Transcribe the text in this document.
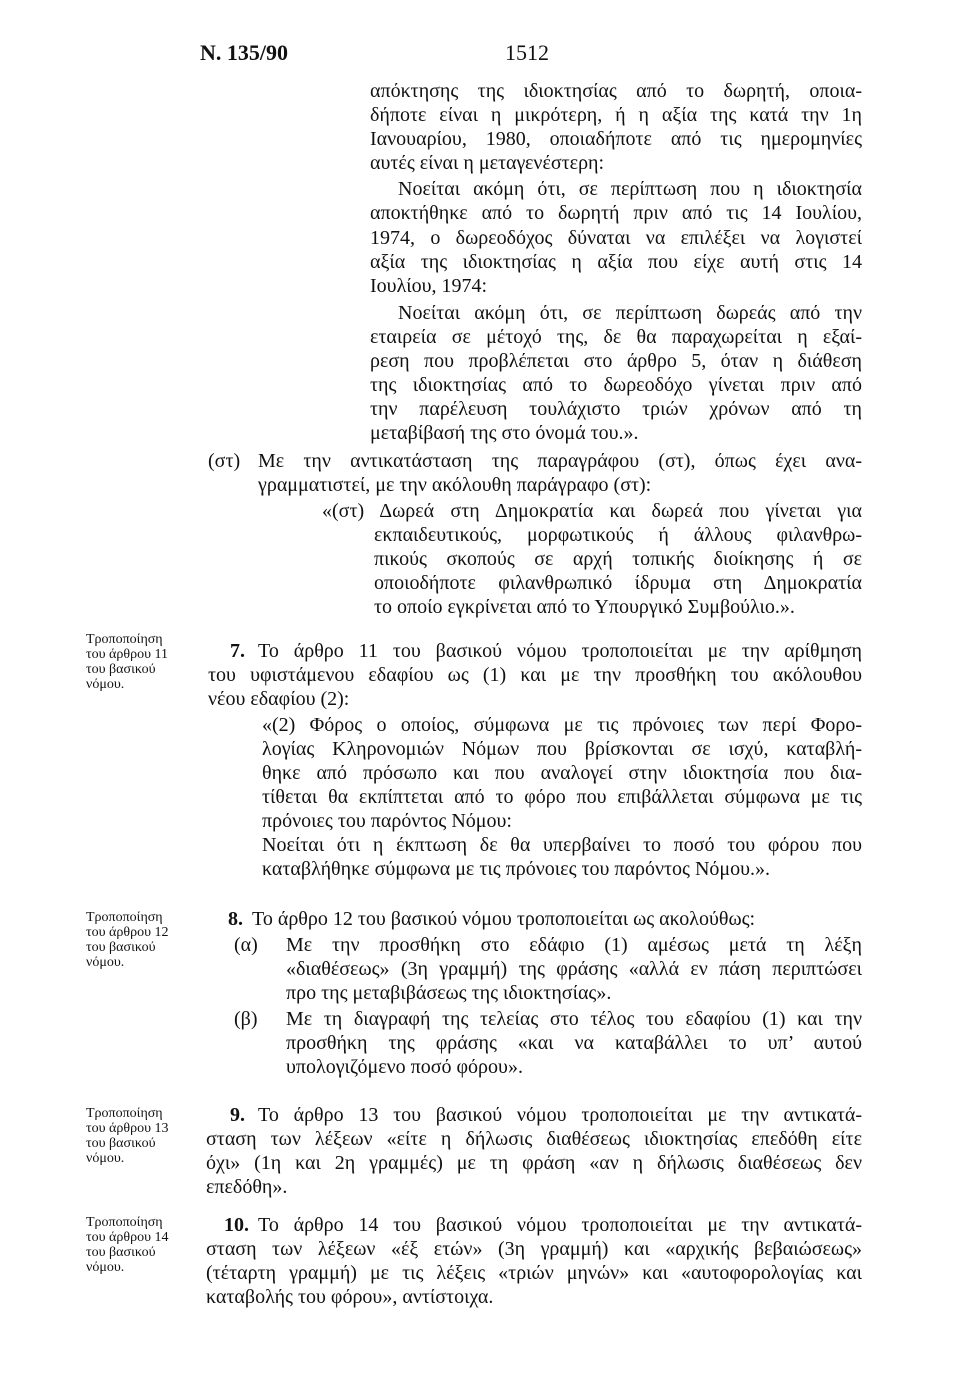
Ν. 135/90	1512
απόκτησης της ιδιοκτησίας από το δωρητή, οποια-
δήποτε είναι η μικρότερη, ή η αξία της κατά την 1η
Ιανουαρίου, 1980, οποιαδήποτε από τις ημερομηνίες
αυτές είναι η μεταγενέστερη:
Νοείται ακόμη ότι, σε περίπτωση που η ιδιοκτησία
αποκτήθηκε από το δωρητή πριν από τις 14 Ιουλίου,
1974, ο δωρεοδόχος δύναται να επιλέξει να λογιστεί
αξία της ιδιοκτησίας η αξία που είχε αυτή στις 14
Ιουλίου, 1974:
Νοείται ακόμη ότι, σε περίπτωση δωρεάς από την
εταιρεία σε μέτοχό της, δε θα παραχωρείται η εξαί-
ρεση που προβλέπεται στο άρθρο 5, όταν η διάθεση
της ιδιοκτησίας από το δωρεοδόχο γίνεται πριν από
την παρέλευση τουλάχιστο τριών χρόνων από τη
μεταβίβασή της στο όνομά του.».
(στ) Με την αντικατάσταση της παραγράφου (στ), όπως έχει ανα-
γραμματιστεί, με την ακόλουθη παράγραφο (στ):
«(στ) Δωρεά στη Δημοκρατία και δωρεά που γίνεται για
εκπαιδευτικούς, μορφωτικούς ή άλλους φιλανθρω-
πικούς σκοπούς σε αρχή τοπικής διοίκησης ή σε
οποιοδήποτε φιλανθρωπικό ίδρυμα στη Δημοκρατία
το οποίο εγκρίνεται από το Υπουργικό Συμβούλιο.».
Τροποποίηση
του άρθρου 11
του βασικού
νόμου.
Τροποποίηση
του άρθρου 12
του βασικού
νόμου.
Τροποποίηση
του άρθρου 13
του βασικού
νόμου.
Τροποποίηση
του άρθρου 14
του βασικού
νόμου.
7. Το άρθρο 11 του βασικού νόμου τροποποιείται με την αρίθμηση
του υφιστάμενου εδαφίου ως (1) και με την προσθήκη του ακόλουθου
νέου εδαφίου (2):
«(2) Φόρος ο οποίος, σύμφωνα με τις πρόνοιες των περί Φορο-
λογίας Κληρονομιών Νόμων που βρίσκονται σε ισχύ, καταβλή-
θηκε από πρόσωπο και που αναλογεί στην ιδιοκτησία που δια-
τίθεται θα εκπίπτεται από το φόρο που επιβάλλεται σύμφωνα με τις
πρόνοιες του παρόντος Νόμου:
Νοείται ότι η έκπτωση δε θα υπερβαίνει το ποσό του φόρου που
καταβλήθηκε σύμφωνα με τις πρόνοιες του παρόντος Νόμου.».
8. Το άρθρο 12 του βασικού νόμου τροποποιείται ως ακολούθως:
(α) Με την προσθήκη στο εδάφιο (1) αμέσως μετά τη λέξη
«διαθέσεως» (3η γραμμή) της φράσης «αλλά εν πάση περιπτώσει
προ της μεταβιβάσεως της ιδιοκτησίας».
(β) Με τη διαγραφή της τελείας στο τέλος του εδαφίου (1) και την
προσθήκη της φράσης «και να καταβάλλει το υπ’ αυτού
υπολογιζόμενο ποσό φόρου».
9. Το άρθρο 13 του βασικού νόμου τροποποιείται με την αντικατά-
σταση των λέξεων «είτε η δήλωσις διαθέσεως ιδιοκτησίας επεδόθη είτε
όχι» (1η και 2η γραμμές) με τη φράση «αν η δήλωσις διαθέσεως δεν
επεδόθη».
10. Το άρθρο 14 του βασικού νόμου τροποποιείται με την αντικατά-
σταση των λέξεων «έξ ετών» (3η γραμμή) και «αρχικής βεβαιώσεως»
(τέταρτη γραμμή) με τις λέξεις «τριών μηνών» και «αυτοφορολογίας και
καταβολής του φόρου», αντίστοιχα.
